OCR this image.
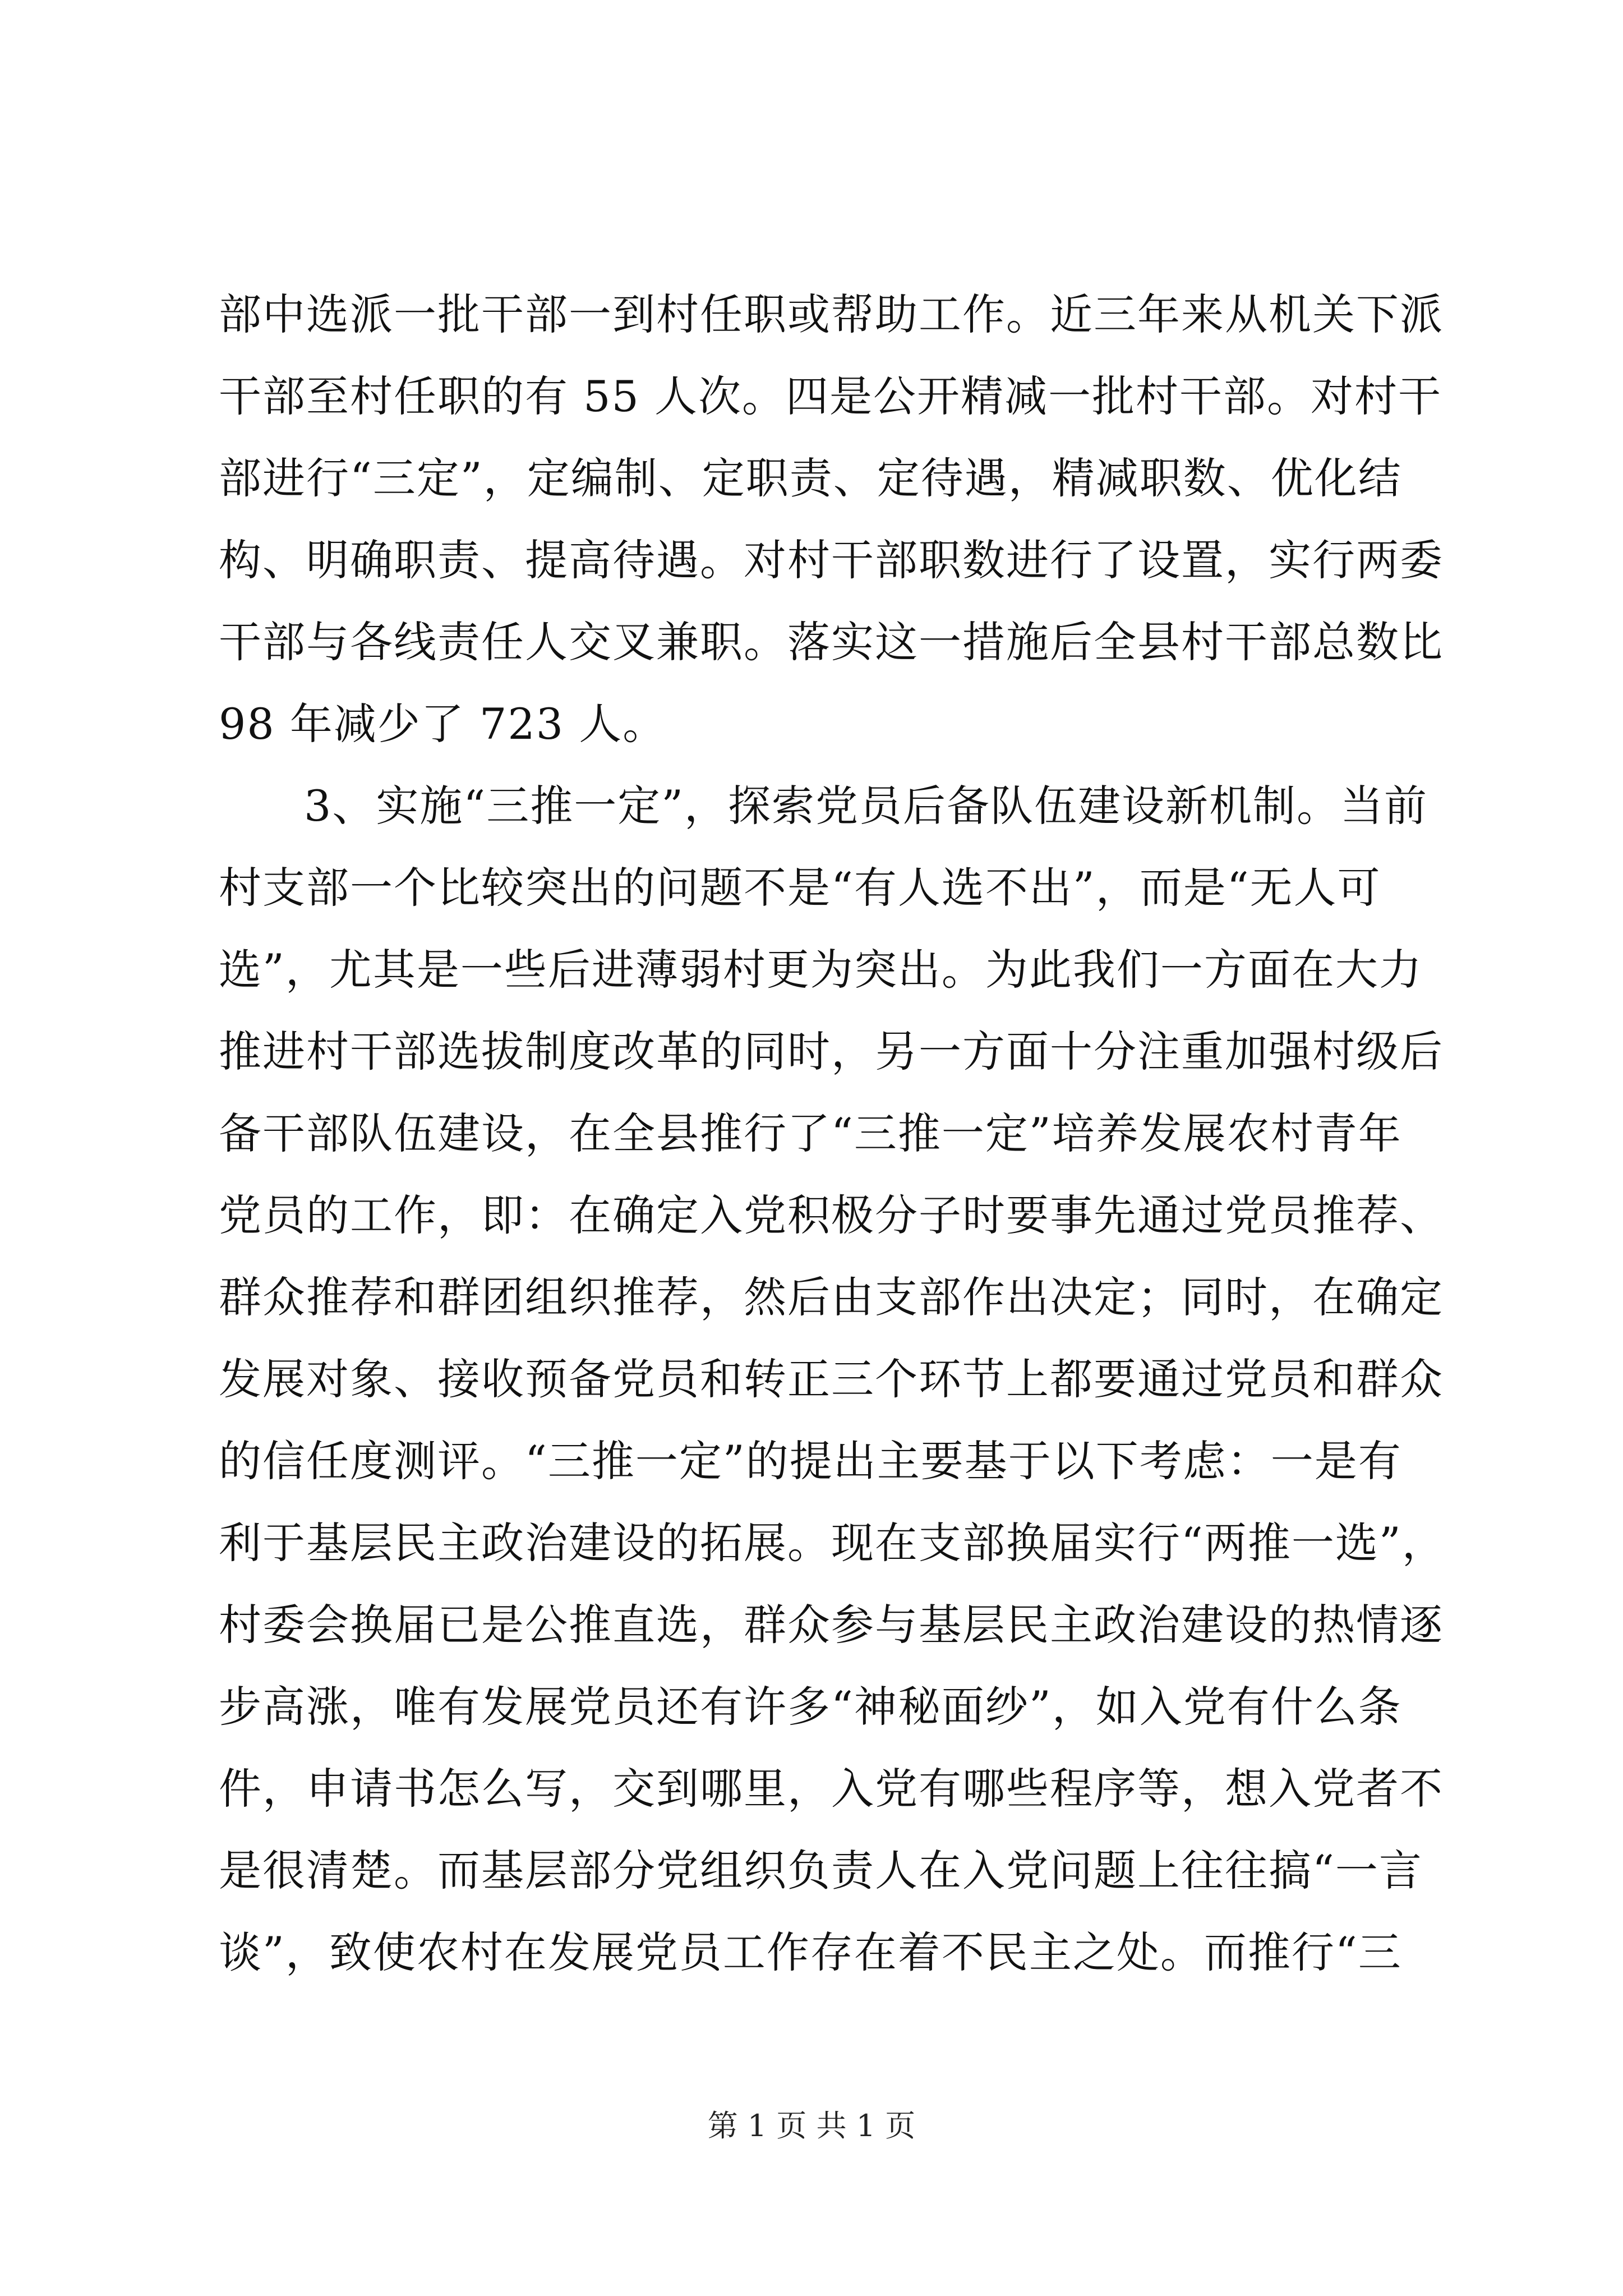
部中选派一批干部一到村任职或帮助工作。近三年来从机关下派
干部至村任职的有 55 人次。四是公开精减一批村干部。对村干
部进行“三定”，定编制、定职责、定待遇，精减职数、优化结
构、明确职责、提高待遇。对村干部职数进行了设置，实行两委
干部与各线责任人交叉兼职。落实这一措施后全县村干部总数比
98 年减少了 723 人。
3、实施“三推一定”，探索党员后备队伍建设新机制。当前
村支部一个比较突出的问题不是“有人选不出”，而是“无人可
选”，尤其是一些后进薄弱村更为突出。为此我们一方面在大力
推进村干部选拔制度改革的同时，另一方面十分注重加强村级后
备干部队伍建设，在全县推行了“三推一定”培养发展农村青年
党员的工作，即：在确定入党积极分子时要事先通过党员推荐、
群众推荐和群团组织推荐，然后由支部作出决定；同时，在确定
发展对象、接收预备党员和转正三个环节上都要通过党员和群众
的信任度测评。“三推一定”的提出主要基于以下考虑：一是有
利于基层民主政治建设的拓展。现在支部换届实行“两推一选”，
村委会换届已是公推直选，群众参与基层民主政治建设的热情逐
步高涨，唯有发展党员还有许多“神秘面纱”，如入党有什么条
件，申请书怎么写，交到哪里，入党有哪些程序等，想入党者不
是很清楚。而基层部分党组织负责人在入党问题上往往搞“一言
谈”，致使农村在发展党员工作存在着不民主之处。而推行“三
第 1 页 共 1 页
